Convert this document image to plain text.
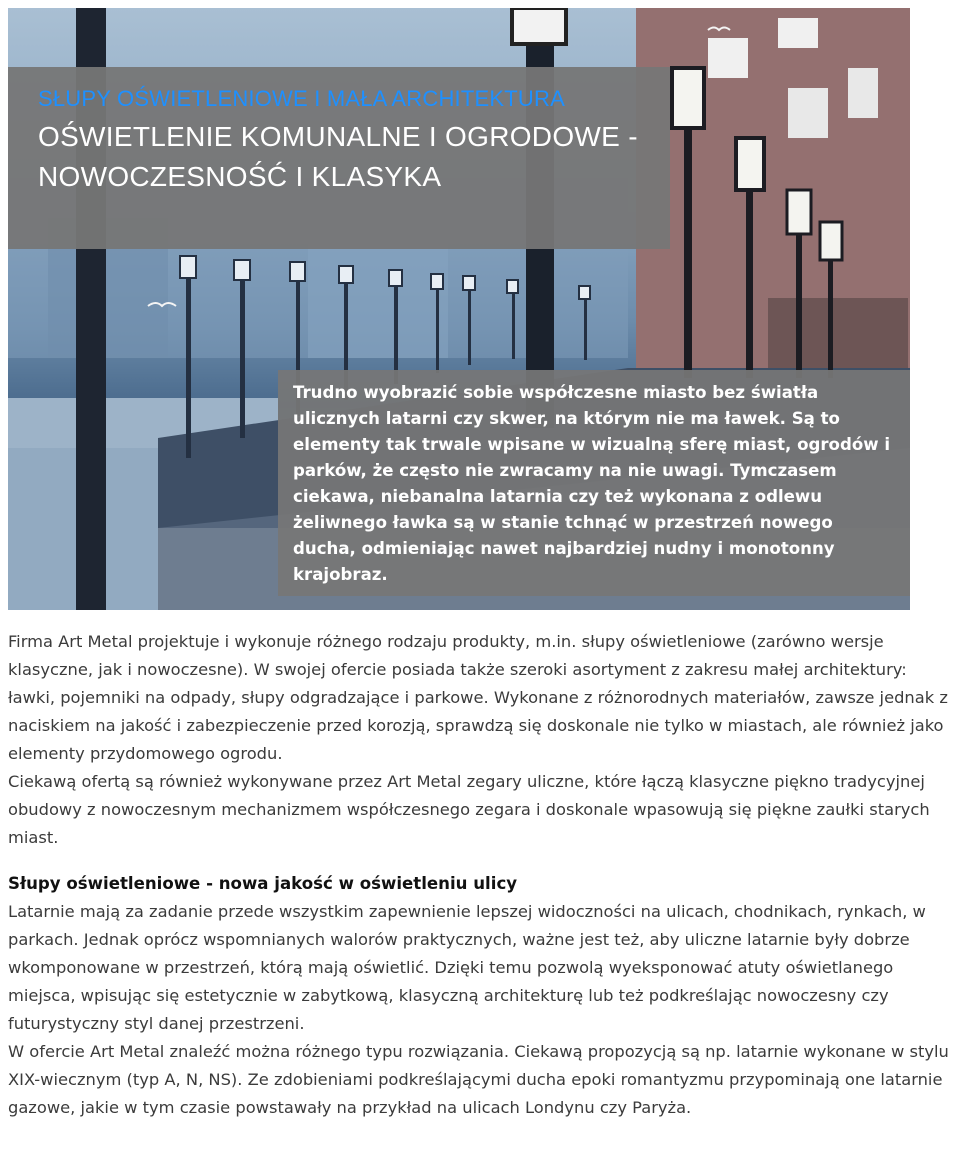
SŁUPY OŚWIETLENIOWE I MAŁA ARCHITEKTURA
OŚWIETLENIE KOMUNALNE I OGRODOWE - NOWOCZESNOŚĆ I KLASYKA
Trudno wyobrazić sobie współczesne miasto bez światła ulicznych latarni czy skwer, na którym nie ma ławek. Są to elementy tak trwale wpisane w wizualną sferę miast, ogrodów i parków, że często nie zwracamy na nie uwagi. Tymczasem ciekawa, niebanalna latarnia czy też wykonana z odlewu żeliwnego ławka są w stanie tchnąć w przestrzeń nowego ducha, odmieniając nawet najbardziej nudny i monotonny krajobraz.

Firma Art Metal projektuje i wykonuje różnego rodzaju produkty, m.in. słupy oświetleniowe (zarówno wersje klasyczne, jak i nowoczesne). W swojej ofercie posiada także szeroki asortyment z zakresu małej architektury: ławki, pojemniki na odpady, słupy odgradzające i parkowe. Wykonane z różnorodnych materiałów, zawsze jednak z naciskiem na jakość i zabezpieczenie przed korozją, sprawdzą się doskonale nie tylko w miastach, ale również jako elementy przydomowego ogrodu.

Ciekawą ofertą są również wykonywane przez Art Metal zegary uliczne, które łączą klasyczne piękno tradycyjnej obudowy z nowoczesnym mechanizmem współczesnego zegara i doskonale wpasowują się piękne zaułki starych miast.

Słupy oświetleniowe - nowa jakość w oświetleniu ulicy

Latarnie mają za zadanie przede wszystkim zapewnienie lepszej widoczności na ulicach, chodnikach, rynkach, w parkach. Jednak oprócz wspomnianych walorów praktycznych, ważne jest też, aby uliczne latarnie były dobrze wkomponowane w przestrzeń, którą mają oświetlić. Dzięki temu pozwolą wyeksponować atuty oświetlanego miejsca, wpisując się estetycznie w zabytkową, klasyczną architekturę lub też podkreślając nowoczesny czy futurystyczny styl danej przestrzeni.

W ofercie Art Metal znaleźć można różnego typu rozwiązania. Ciekawą propozycją są np. latarnie wykonane w stylu XIX-wiecznym (typ A, N, NS). Ze zdobieniami podkreślającymi ducha epoki romantyzmu przypominają one latarnie gazowe, jakie w tym czasie powstawały na przykład na ulicach Londynu czy Paryża.
